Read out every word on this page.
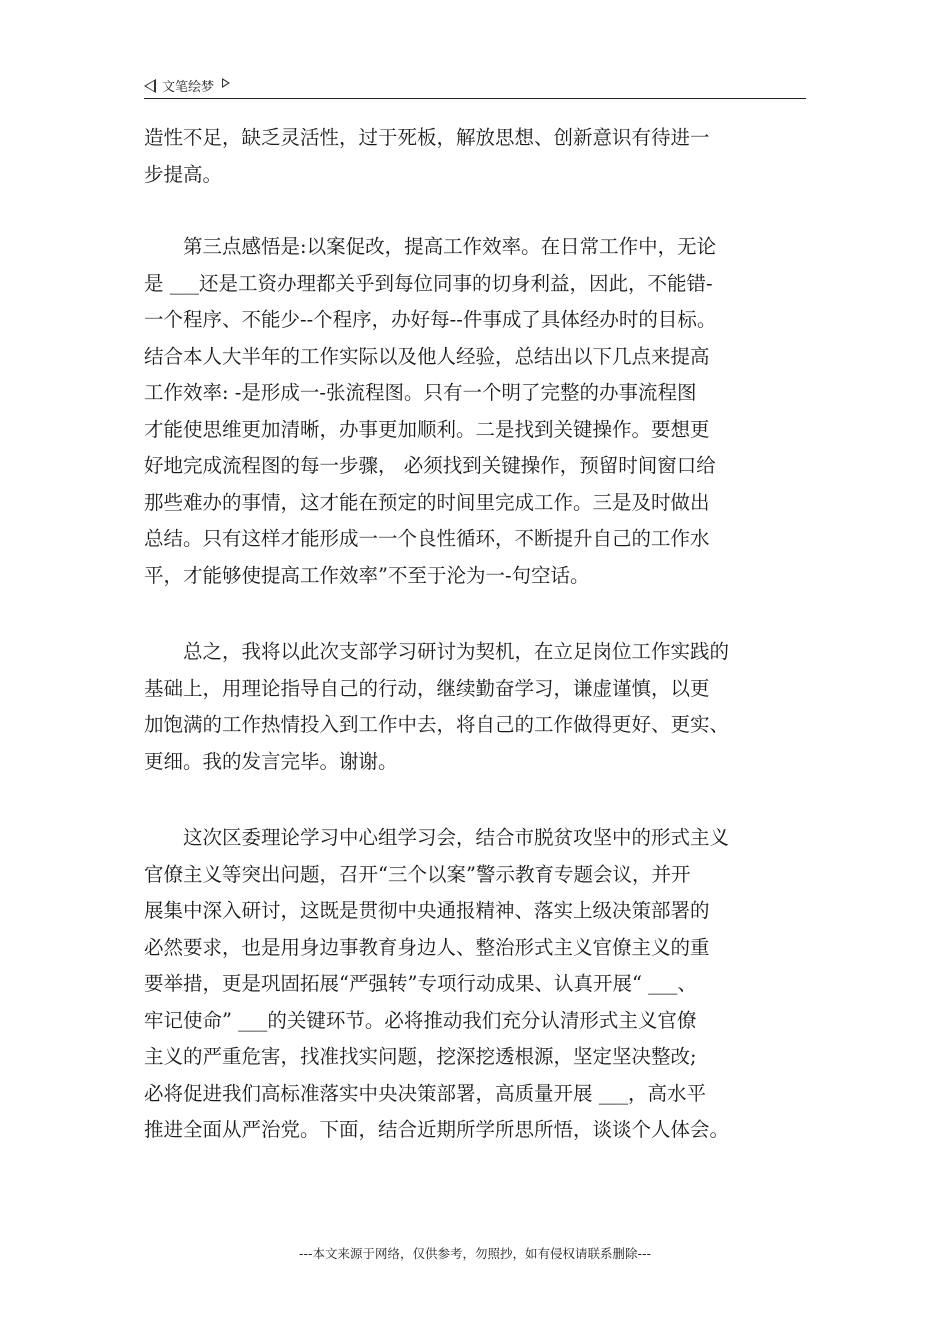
文笔绘梦

造性不足，缺乏灵活性，过于死板，解放思想、创新意识有待进一
步提高。

　　第三点感悟是:以案促改，提高工作效率。在日常工作中，无论
是 ___还是工资办理都关乎到每位同事的切身利益，因此，不能错-
一个程序、不能少--个程序，办好每--件事成了具体经办时的目标。
结合本人大半年的工作实际以及他人经验，总结出以下几点来提高
工作效率: -是形成一-张流程图。只有一个明了完整的办事流程图
才能使思维更加清晰，办事更加顺利。二是找到关键操作。要想更
好地完成流程图的每一步骤， 必须找到关键操作，预留时间窗口给
那些难办的事情，这才能在预定的时间里完成工作。三是及时做出
总结。只有这样才能形成一一个良性循环，不断提升自己的工作水
平，才能够使提高工作效率”不至于沦为一-句空话。

　　总之，我将以此次支部学习研讨为契机，在立足岗位工作实践的
基础上，用理论指导自己的行动，继续勤奋学习，谦虚谨慎，以更
加饱满的工作热情投入到工作中去，将自己的工作做得更好、更实、
更细。我的发言完毕。谢谢。

　　这次区委理论学习中心组学习会，结合市脱贫攻坚中的形式主义
官僚主义等突出问题，召开“三个以案”警示教育专题会议，并开
展集中深入研讨，这既是贯彻中央通报精神、落实上级决策部署的
必然要求，也是用身边事教育身边人、整治形式主义官僚主义的重
要举措，更是巩固拓展“严强转”专项行动成果、认真开展“ ___、
牢记使命” ___的关键环节。必将推动我们充分认清形式主义官僚
主义的严重危害，找准找实问题，挖深挖透根源，坚定坚决整改;
必将促进我们高标准落实中央决策部署，高质量开展 ___，高水平
推进全面从严治党。下面，结合近期所学所思所悟，谈谈个人体会。

---本文来源于网络，仅供参考，勿照抄，如有侵权请联系删除---
